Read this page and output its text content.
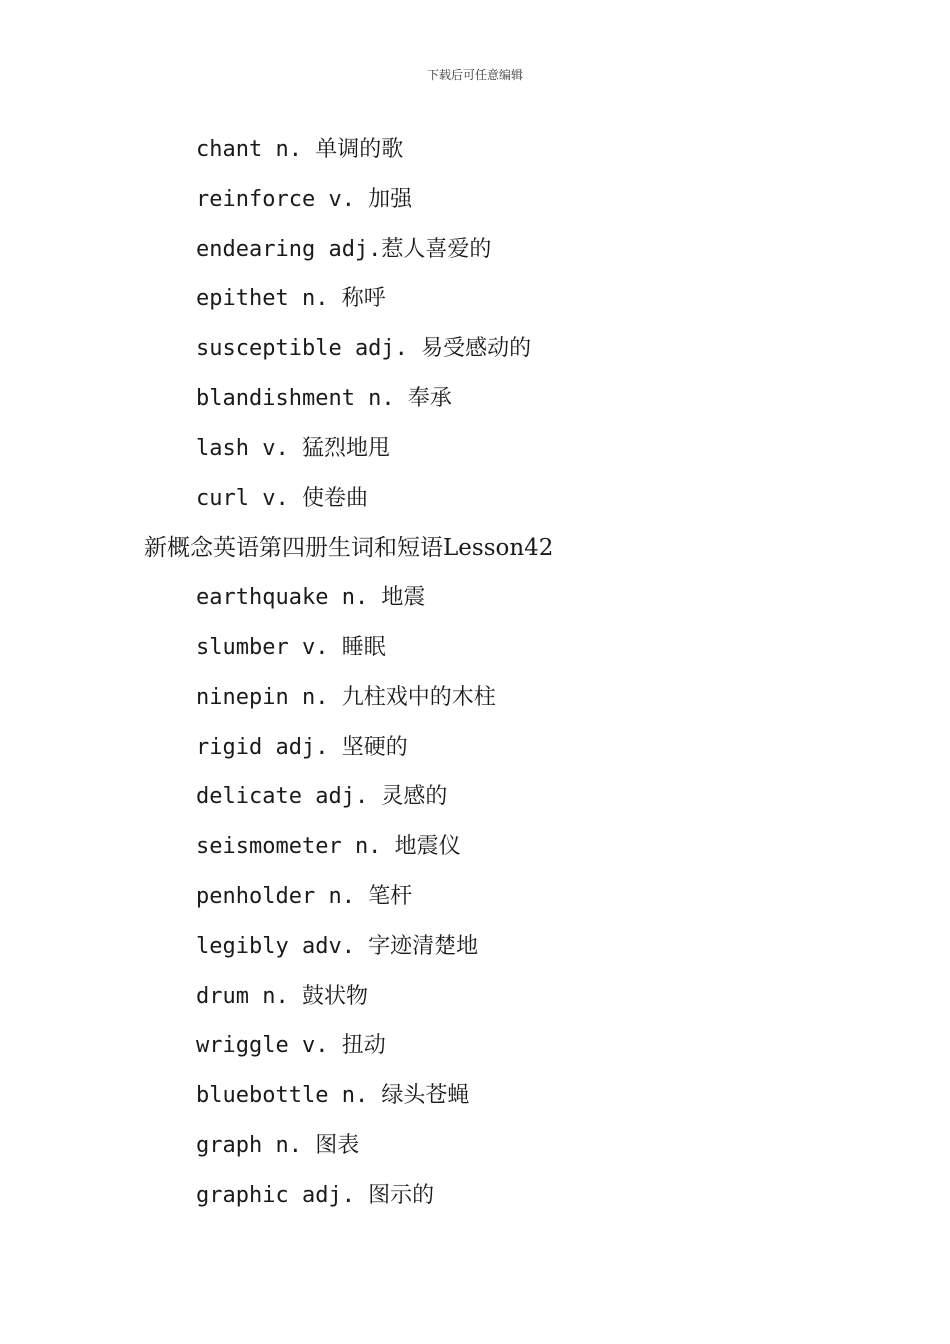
下载后可任意编辑
chant n. 单调的歌
reinforce v. 加强
endearing adj.惹人喜爱的
epithet n. 称呼
susceptible adj. 易受感动的
blandishment n. 奉承
lash v. 猛烈地甩
curl v. 使卷曲
新概念英语第四册生词和短语Lesson42
earthquake n. 地震
slumber v. 睡眠
ninepin n. 九柱戏中的木柱
rigid adj. 坚硬的
delicate adj. 灵感的
seismometer n. 地震仪
penholder n. 笔杆
legibly adv. 字迹清楚地
drum n. 鼓状物
wriggle v. 扭动
bluebottle n. 绿头苍蝇
graph n. 图表
graphic adj. 图示的
